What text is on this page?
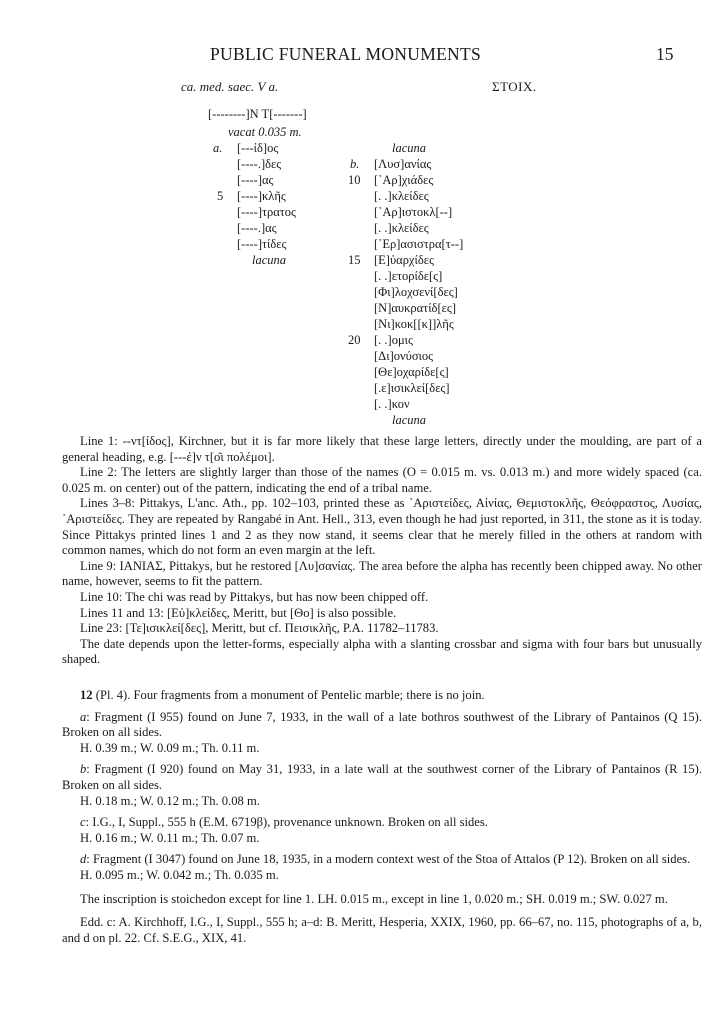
PUBLIC FUNERAL MONUMENTS	15
ca. med. saec. V a.	ΣΤΟΙΧ.
[--------]Ν Τ[-------]
vacat 0.035 m.
a. [---ίδ]ος
[----.]δες
[----]ας
5 [----]κλῆς
[----]τρατος
[----.]ας
[----]τίδες
lacuna
lacuna
b. [Λυσ]ανίας
10 [᾽Αρ]χιάδες
[. .]κλείδες
[᾽Αρ]ιστοκλ[--]
[. .]κλείδες
[᾽Ερ]ασιστρα[τ--]
15 [Ε]ὐαρχίδες
[. .]ετορίδε[ς]
[Φι]λοχσενί[δες]
[Ν]αυκρατίδ[ες]
[Νι]κοκ[[κ]]λῆς
20 [. .]ομις
[Δι]ονύσιος
[Θε]οχαρίδε[ς]
[.ε]ισικλεί[δες]
[. .]κον
lacuna

Line 1: --ντ[ίδος], Kirchner, but it is far more likely that these large letters, directly under the moulding, are part of a general heading, e.g. [---ἐ]ν τ[ο͂ι πολέμοι].

Line 2: The letters are slightly larger than those of the names (O = 0.015 m. vs. 0.013 m.) and more widely spaced (ca. 0.025 m. on center) out of the pattern, indicating the end of a tribal name.

Lines 3–8: Pittakys, L'anc. Ath., pp. 102–103, printed these as ᾽Αριστείδες, Αἰνίας, Θεμιστοκλῆς, Θεόφραστος, Λυσίας, ᾽Αριστείδες. They are repeated by Rangabé in Ant. Hell., 313, even though he had just reported, in 311, the stone as it is today. Since Pittakys printed lines 1 and 2 as they now stand, it seems clear that he merely filled in the others at random with common names, which do not form an even margin at the left.

Line 9: ΙΑΝΙΑΣ, Pittakys, but he restored [Λυ]σανίας. The area before the alpha has recently been chipped away. No other name, however, seems to fit the pattern.

Line 10: The chi was read by Pittakys, but has now been chipped off.

Lines 11 and 13: [Εὐ]κλείδες, Meritt, but [Θο] is also possible.

Line 23: [Τε]ισικλεί[δες], Meritt, but cf. Πεισικλῆς, P.A. 11782–11783.

The date depends upon the letter-forms, especially alpha with a slanting crossbar and sigma with four bars but unusually shaped.

12 (Pl. 4). Four fragments from a monument of Pentelic marble; there is no join.

a: Fragment (I 955) found on June 7, 1933, in the wall of a late bothros southwest of the Library of Pantainos (Q 15). Broken on all sides.

H. 0.39 m.; W. 0.09 m.; Th. 0.11 m.

b: Fragment (I 920) found on May 31, 1933, in a late wall at the southwest corner of the Library of Pantainos (R 15). Broken on all sides.

H. 0.18 m.; W. 0.12 m.; Th. 0.08 m.

c: I.G., I, Suppl., 555 h (E.M. 6719β), provenance unknown. Broken on all sides.

H. 0.16 m.; W. 0.11 m.; Th. 0.07 m.

d: Fragment (I 3047) found on June 18, 1935, in a modern context west of the Stoa of Attalos (P 12). Broken on all sides.

H. 0.095 m.; W. 0.042 m.; Th. 0.035 m.

The inscription is stoichedon except for line 1. LH. 0.015 m., except in line 1, 0.020 m.; SH. 0.019 m.; SW. 0.027 m.

Edd. c: A. Kirchhoff, I.G., I, Suppl., 555 h; a–d: B. Meritt, Hesperia, XXIX, 1960, pp. 66–67, no. 115, photographs of a, b, and d on pl. 22. Cf. S.E.G., XIX, 41.
